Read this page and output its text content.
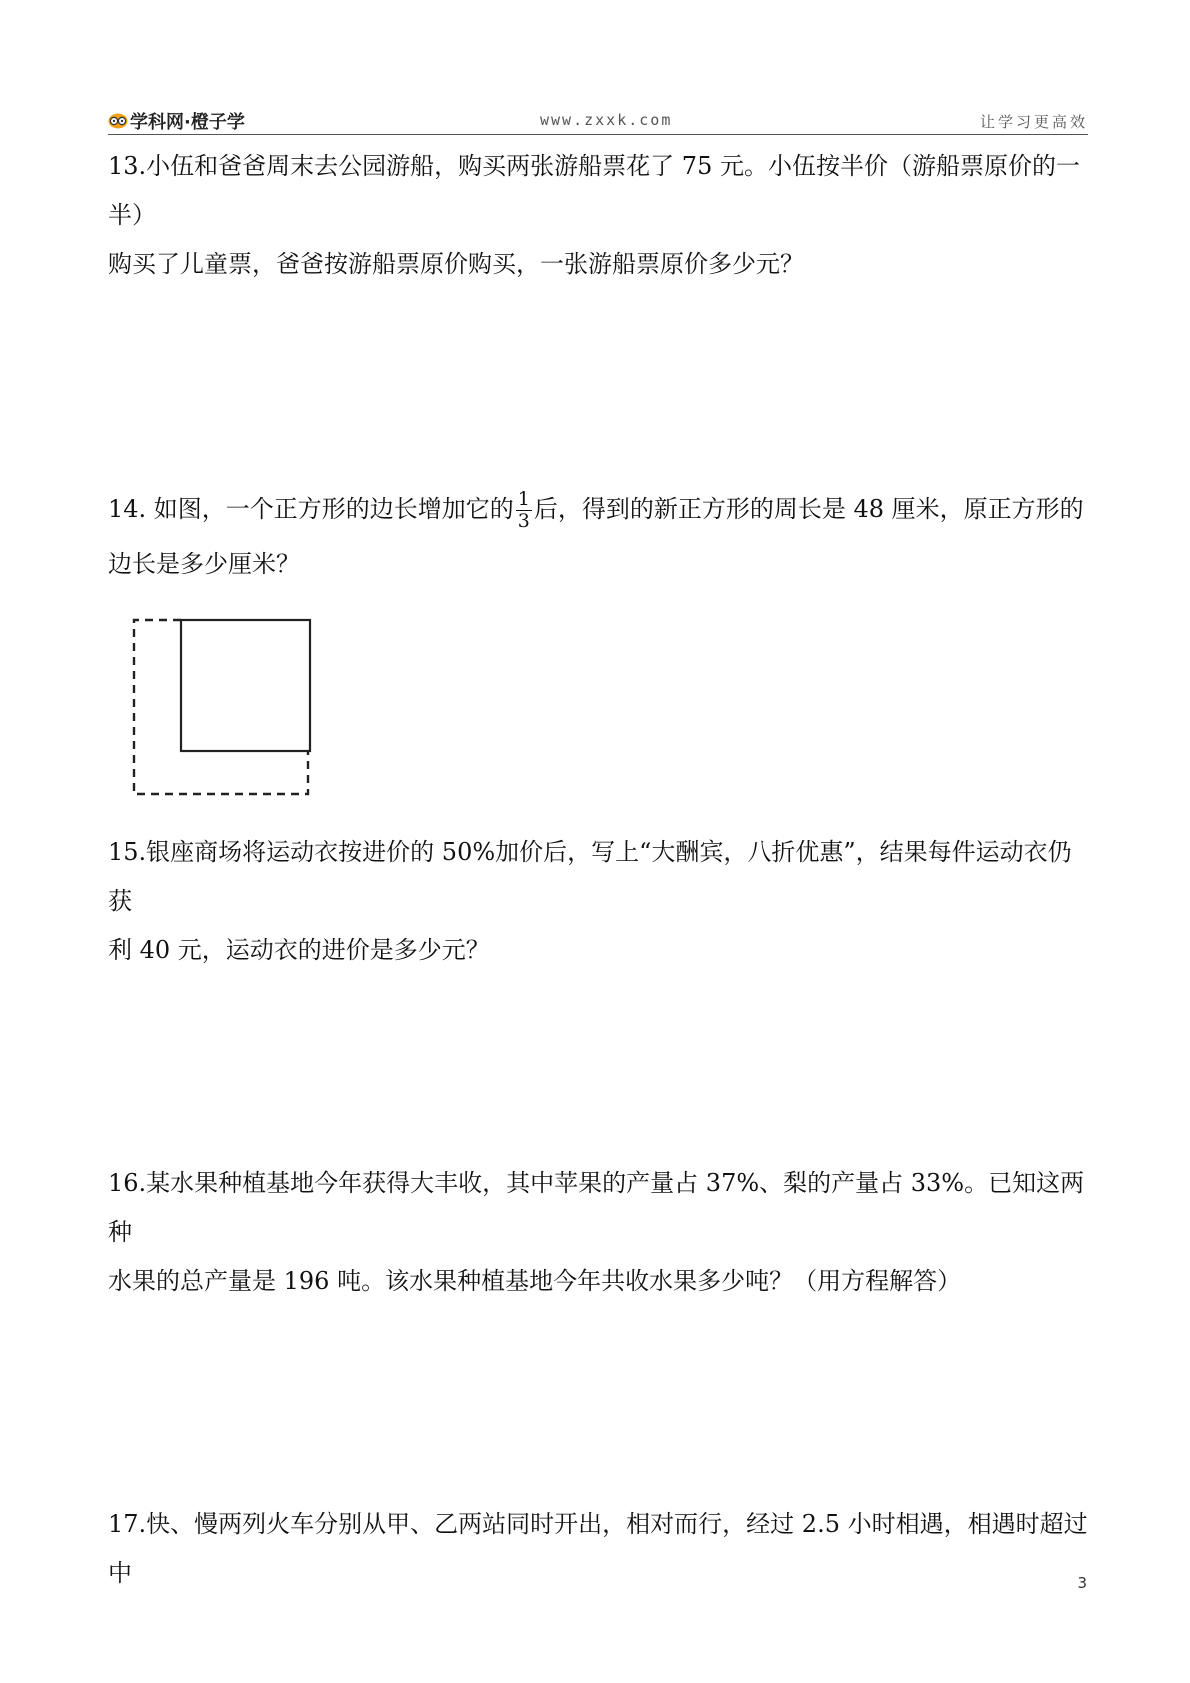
学科网·橙子学	www.zxxk.com	让学习更高效
13.小伍和爸爸周末去公园游船，购买两张游船票花了 75 元。小伍按半价（游船票原价的一半）
购买了儿童票，爸爸按游船票原价购买，一张游船票原价多少元？
14. 如图，一个正方形的边长增加它的 $\frac{1}{3}$ 后，得到的新正方形的周长是 48 厘米，原正方形的
边长是多少厘米？
15.银座商场将运动衣按进价的 50%加价后，写上“大酬宾，八折优惠”，结果每件运动衣仍获
利 40 元，运动衣的进价是多少元？
16.某水果种植基地今年获得大丰收，其中苹果的产量占 37%、梨的产量占 33%。已知这两种
水果的总产量是 196 吨。该水果种植基地今年共收水果多少吨？（用方程解答）
17.快、慢两列火车分别从甲、乙两站同时开出，相对而行，经过 2.5 小时相遇，相遇时超过中	3
